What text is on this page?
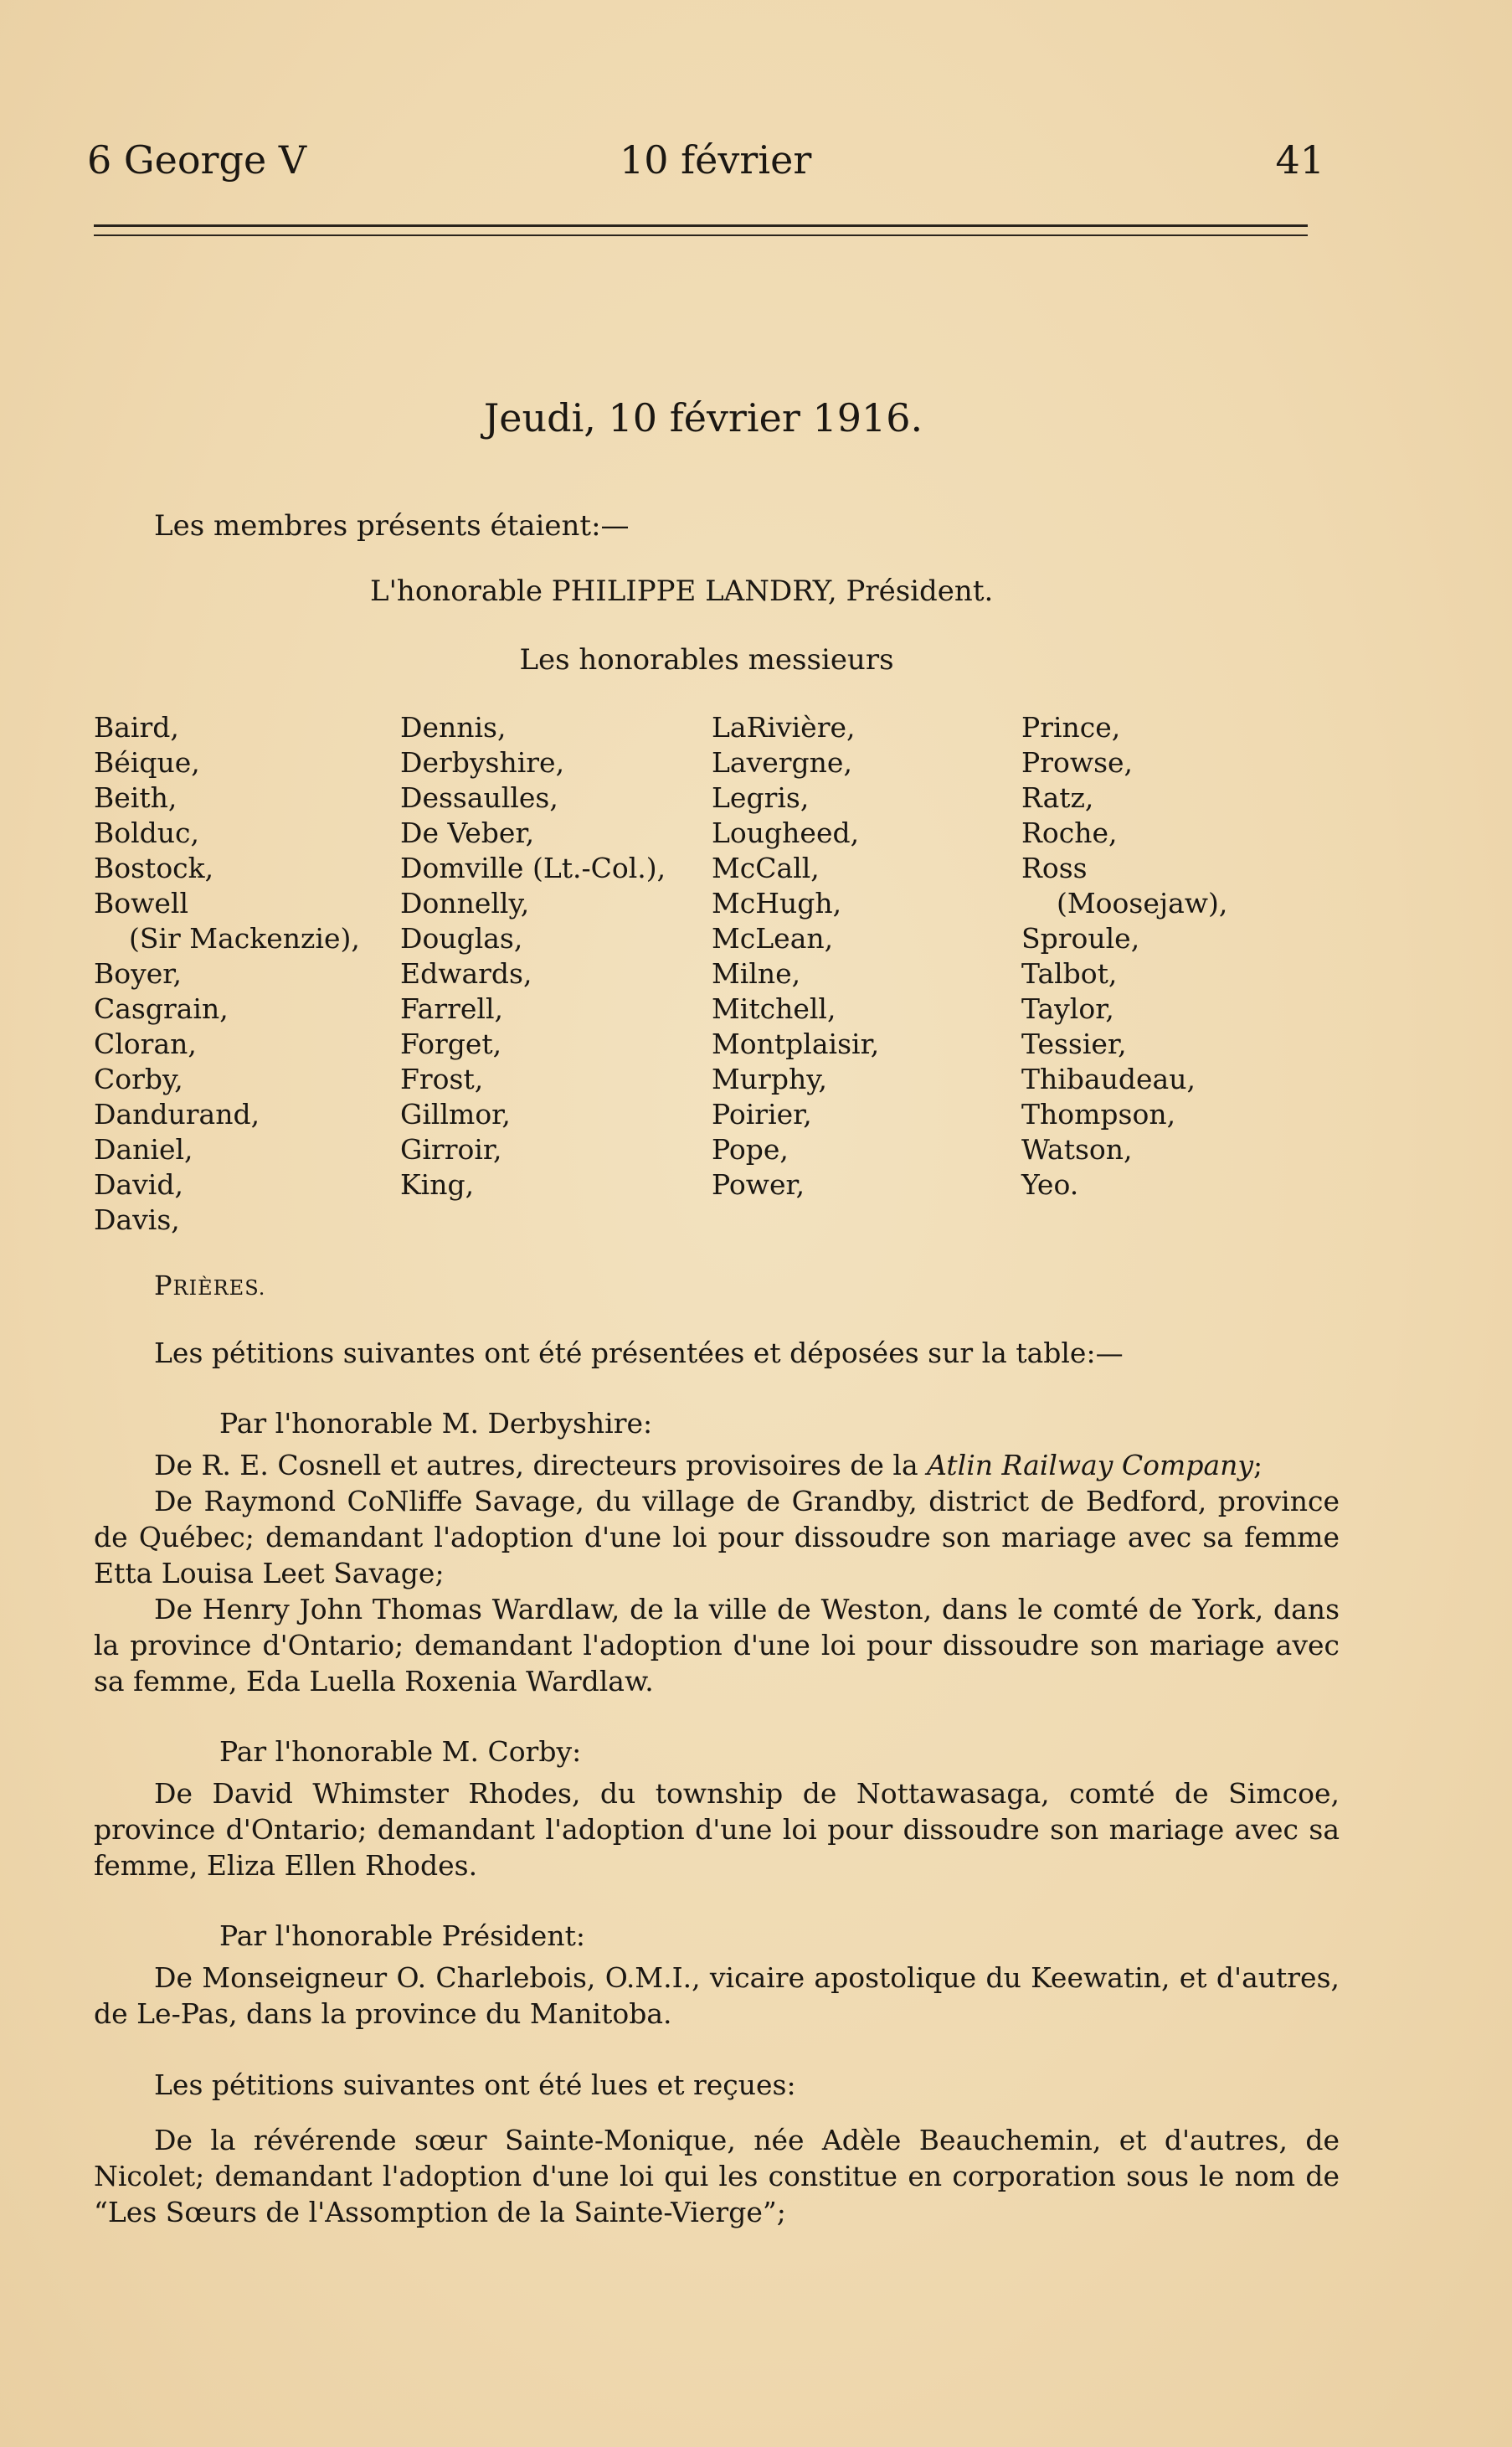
6 George V	10 février	41
Jeudi, 10 février 1916.
Les membres présents étaient:—
L'honorable PHILIPPE LANDRY, Président.
Les honorables messieurs
Baird,
Béique,
Beith,
Bolduc,
Bostock,
Bowell
(Sir Mackenzie),
Boyer,
Casgrain,
Cloran,
Corby,
Dandurand,
Daniel,
David,
Davis,
Dennis,
Derbyshire,
Dessaulles,
De Veber,
Domville (Lt.-Col.),
Donnelly,
Douglas,
Edwards,
Farrell,
Forget,
Frost,
Gillmor,
Girroir,
King,
LaRivière,
Lavergne,
Legris,
Lougheed,
McCall,
McHugh,
McLean,
Milne,
Mitchell,
Montplaisir,
Murphy,
Poirier,
Pope,
Power,
Prince,
Prowse,
Ratz,
Roche,
Ross
(Moosejaw),
Sproule,
Talbot,
Taylor,
Tessier,
Thibaudeau,
Thompson,
Watson,
Yeo.
PRIÈRES.
Les pétitions suivantes ont été présentées et déposées sur la table:—
Par l'honorable M. Derbyshire:

De R. E. Cosnell et autres, directeurs provisoires de la Atlin Railway Company;

De Raymond CoNliffe Savage, du village de Grandby, district de Bedford, province de Québec; demandant l'adoption d'une loi pour dissoudre son mariage avec sa femme Etta Louisa Leet Savage;

De Henry John Thomas Wardlaw, de la ville de Weston, dans le comté de York, dans la province d'Ontario; demandant l'adoption d'une loi pour dissoudre son mariage avec sa femme, Eda Luella Roxenia Wardlaw.

Par l'honorable M. Corby:

De David Whimster Rhodes, du township de Nottawasaga, comté de Simcoe, province d'Ontario; demandant l'adoption d'une loi pour dissoudre son mariage avec sa femme, Eliza Ellen Rhodes.

Par l'honorable Président:

De Monseigneur O. Charlebois, O.M.I., vicaire apostolique du Keewatin, et d'autres, de Le-Pas, dans la province du Manitoba.

Les pétitions suivantes ont été lues et reçues:

De la révérende sœur Sainte-Monique, née Adèle Beauchemin, et d'autres, de Nicolet; demandant l'adoption d'une loi qui les constitue en corporation sous le nom de “Les Sœurs de l'Assomption de la Sainte-Vierge”;
